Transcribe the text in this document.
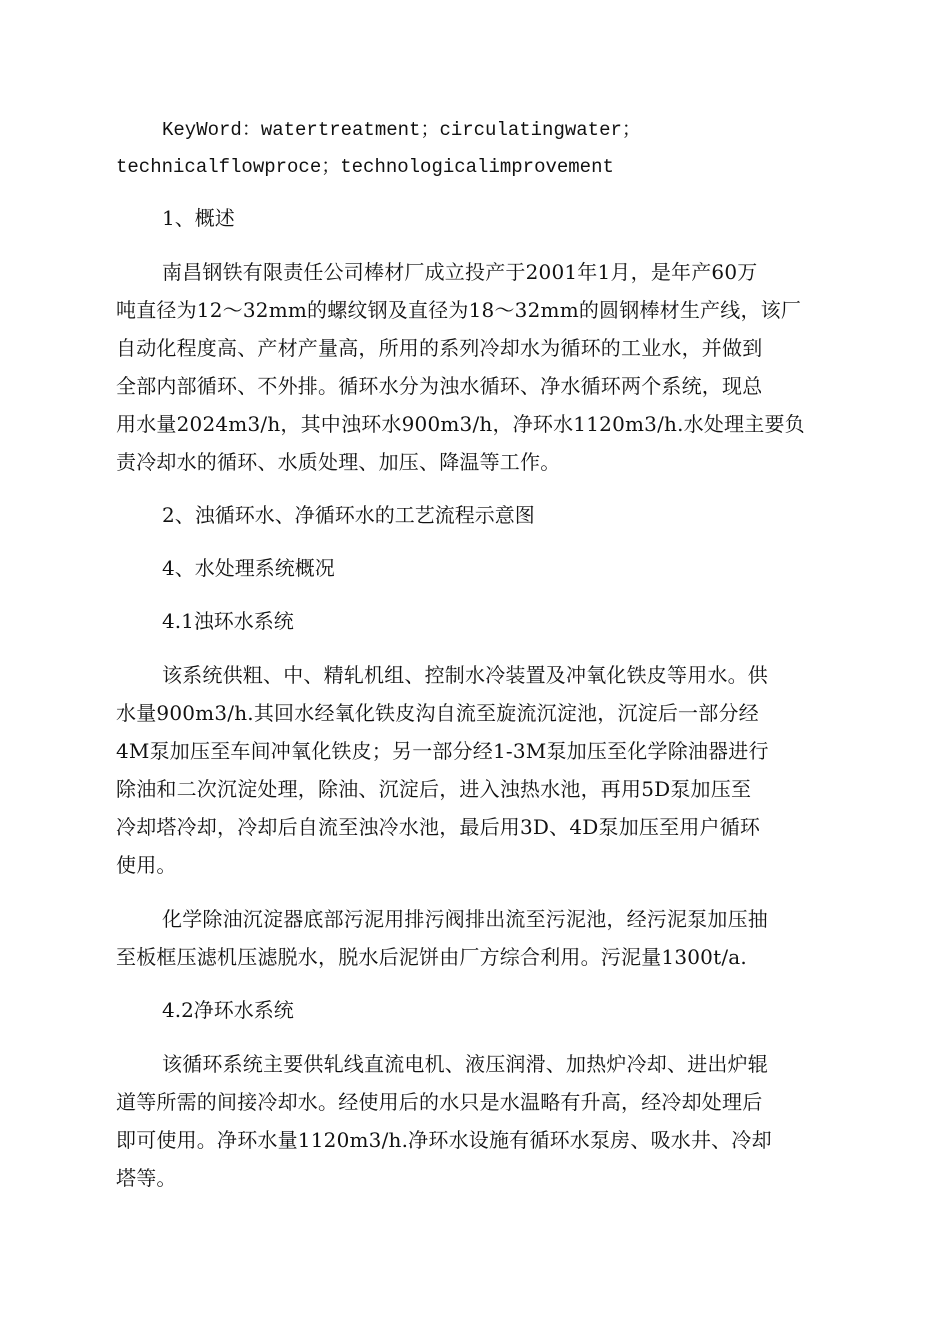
KeyWord：watertreatment；circulatingwater；
technicalflowproce；technologicalimprovement
1、概述
南昌钢铁有限责任公司棒材厂成立投产于2001年1月，是年产60万
吨直径为12～32mm的螺纹钢及直径为18～32mm的圆钢棒材生产线，该厂
自动化程度高、产材产量高，所用的系列冷却水为循环的工业水，并做到
全部内部循环、不外排。循环水分为浊水循环、净水循环两个系统，现总
用水量2024m3/h，其中浊环水900m3/h，净环水1120m3/h.水处理主要负
责冷却水的循环、水质处理、加压、降温等工作。
2、浊循环水、净循环水的工艺流程示意图
4、水处理系统概况
4.1浊环水系统
该系统供粗、中、精轧机组、控制水冷装置及冲氧化铁皮等用水。供
水量900m3/h.其回水经氧化铁皮沟自流至旋流沉淀池，沉淀后一部分经
4M泵加压至车间冲氧化铁皮；另一部分经1-3M泵加压至化学除油器进行
除油和二次沉淀处理，除油、沉淀后，进入浊热水池，再用5D泵加压至
冷却塔冷却，冷却后自流至浊冷水池，最后用3D、4D泵加压至用户循环
使用。
化学除油沉淀器底部污泥用排污阀排出流至污泥池，经污泥泵加压抽
至板框压滤机压滤脱水，脱水后泥饼由厂方综合利用。污泥量1300t/a.
4.2净环水系统
该循环系统主要供轧线直流电机、液压润滑、加热炉冷却、进出炉辊
道等所需的间接冷却水。经使用后的水只是水温略有升高，经冷却处理后
即可使用。净环水量1120m3/h.净环水设施有循环水泵房、吸水井、冷却
塔等。
